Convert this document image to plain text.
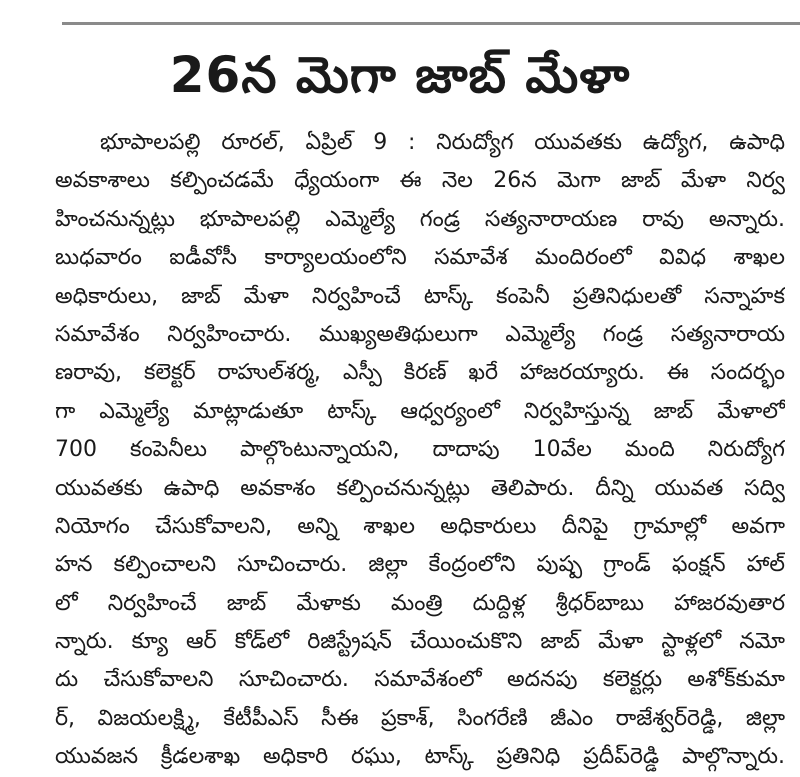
26న మెగా జాబ్ మేళా
భూపాలపల్లి రూరల్, ఏప్రిల్ 9 : నిరుద్యోగ యువతకు ఉద్యోగ, ఉపాధి
అవకాశాలు కల్పించడమే ధ్యేయంగా ఈ నెల 26న మెగా జాబ్ మేళా నిర్వ
హించనున్నట్లు భూపాలపల్లి ఎమ్మెల్యే గండ్ర సత్యనారాయణ రావు అన్నారు.
బుధవారం ఐడీవోసీ కార్యాలయంలోని సమావేశ మందిరంలో వివిధ శాఖల
అధికారులు, జాబ్ మేళా నిర్వహించే టాస్క్ కంపెనీ ప్రతినిధులతో సన్నాహక
సమావేశం నిర్వహించారు. ముఖ్యఅతిథులుగా ఎమ్మెల్యే గండ్ర సత్యనారాయ
ణరావు, కలెక్టర్ రాహుల్‌శర్మ, ఎస్పీ కిరణ్ ఖరే హాజరయ్యారు. ఈ సందర్భం
గా ఎమ్మెల్యే మాట్లాడుతూ టాస్క్ ఆధ్వర్యంలో నిర్వహిస్తున్న జాబ్ మేళాలో
700 కంపెనీలు పాల్గొంటున్నాయని, దాదాపు 10వేల మంది నిరుద్యోగ
యువతకు ఉపాధి అవకాశం కల్పించనున్నట్లు తెలిపారు. దీన్ని యువత సద్వి
నియోగం చేసుకోవాలని, అన్ని శాఖల అధికారులు దీనిపై గ్రామాల్లో అవగా
హన కల్పించాలని సూచించారు. జిల్లా కేంద్రంలోని పుష్ప గ్రాండ్ ఫంక్షన్ హాల్
లో నిర్వహించే జాబ్ మేళాకు మంత్రి దుద్దిళ్ల శ్రీధర్‌బాబు హాజరవుతార
న్నారు. క్యూ ఆర్ కోడ్‌లో రిజిస్ట్రేషన్ చేయించుకొని జాబ్ మేళా స్టాళ్లలో నమో
దు చేసుకోవాలని సూచించారు. సమావేశంలో అదనపు కలెక్టర్లు అశోక్‌కుమా
ర్, విజయలక్ష్మి, కేటీపీఎస్ సీఈ ప్రకాశ్, సింగరేణి జీఎం రాజేశ్వర్‌రెడ్డి, జిల్లా
యువజన క్రీడలశాఖ అధికారి రఘు, టాస్క్ ప్రతినిధి ప్రదీప్‌రెడ్డి పాల్గొన్నారు.
